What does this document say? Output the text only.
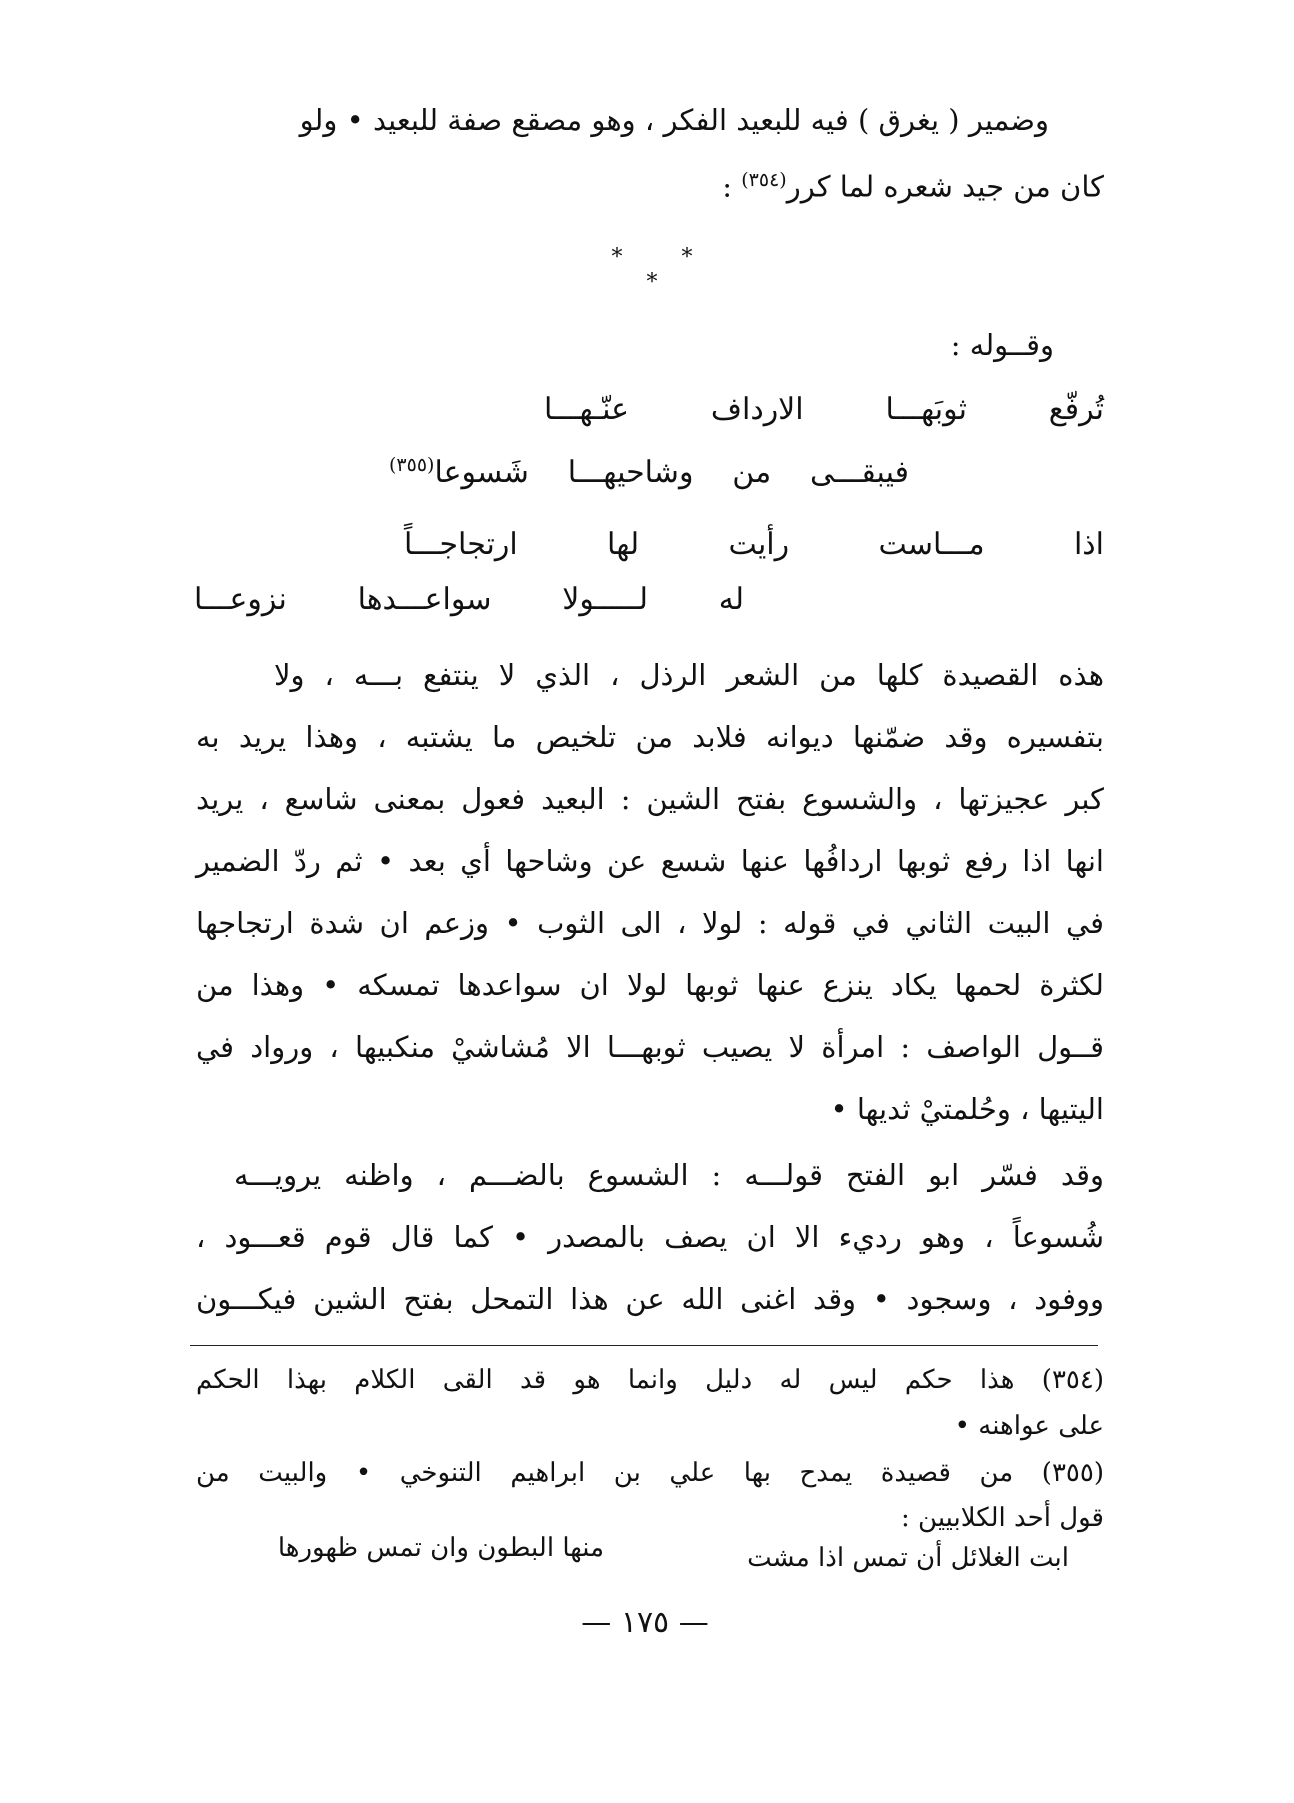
وضمير ( يغرق ) فيه للبعيد الفكر ، وهو مصقع صفة للبعيد • ولو
كان من جيد شعره لما كرر$^{(٣٥٤)}$ :
* * *
وقــوله :
تُرفّع ثوبَهـــا الارداف عنّـهـــا
فيبقـــى من وشاحيهـــا شَسوعا$^{(٣٥٥)}$
اذا مـــاست رأيت لها ارتجاجـــاً
له لـــــولا سواعـــدها نزوعـــا
هذه القصيدة كلها من الشعر الرذل ، الذي لا ينتفع بـــه ، ولا
بتفسيره وقد ضمّنها ديوانه فلابد من تلخيص ما يشتبه ، وهذا يريد به
كبر عجيزتها ، والشسوع بفتح الشين : البعيد فعول بمعنى شاسع ، يريد
انها اذا رفع ثوبها اردافُها عنها شسع عن وشاحها أي بعد • ثم ردّ الضمير
في البيت الثاني في قوله : لولا ، الى الثوب • وزعم ان شدة ارتجاجها
لكثرة لحمها يكاد ينزع عنها ثوبها لولا ان سواعدها تمسكه • وهذا من
قــول الواصف : امرأة لا يصيب ثوبهـــا الا مُشاشيْ منكبيها ، ورواد في
اليتيها ، وحُلمتيْ ثديها •
وقد فسّر ابو الفتح قولـــه : الشسوع بالضـــم ، واظنه يرويـــه
شُسوعاً ، وهو رديء الا ان يصف بالمصدر • كما قال قوم قعـــود ،
ووفود ، وسجود • وقد اغنى الله عن هذا التمحل بفتح الشين فيكـــون
(٣٥٤) هذا حكم ليس له دليل وانما هو قد القى الكلام بهذا الحكم
على عواهنه •
(٣٥٥) من قصيدة يمدح بها علي بن ابراهيم التنوخي • والبيت من
قول أحد الكلابيين :
ابت الغلائل أن تمس اذا مشت
منها البطون وان تمس ظهورها
— ١٧٥ —
